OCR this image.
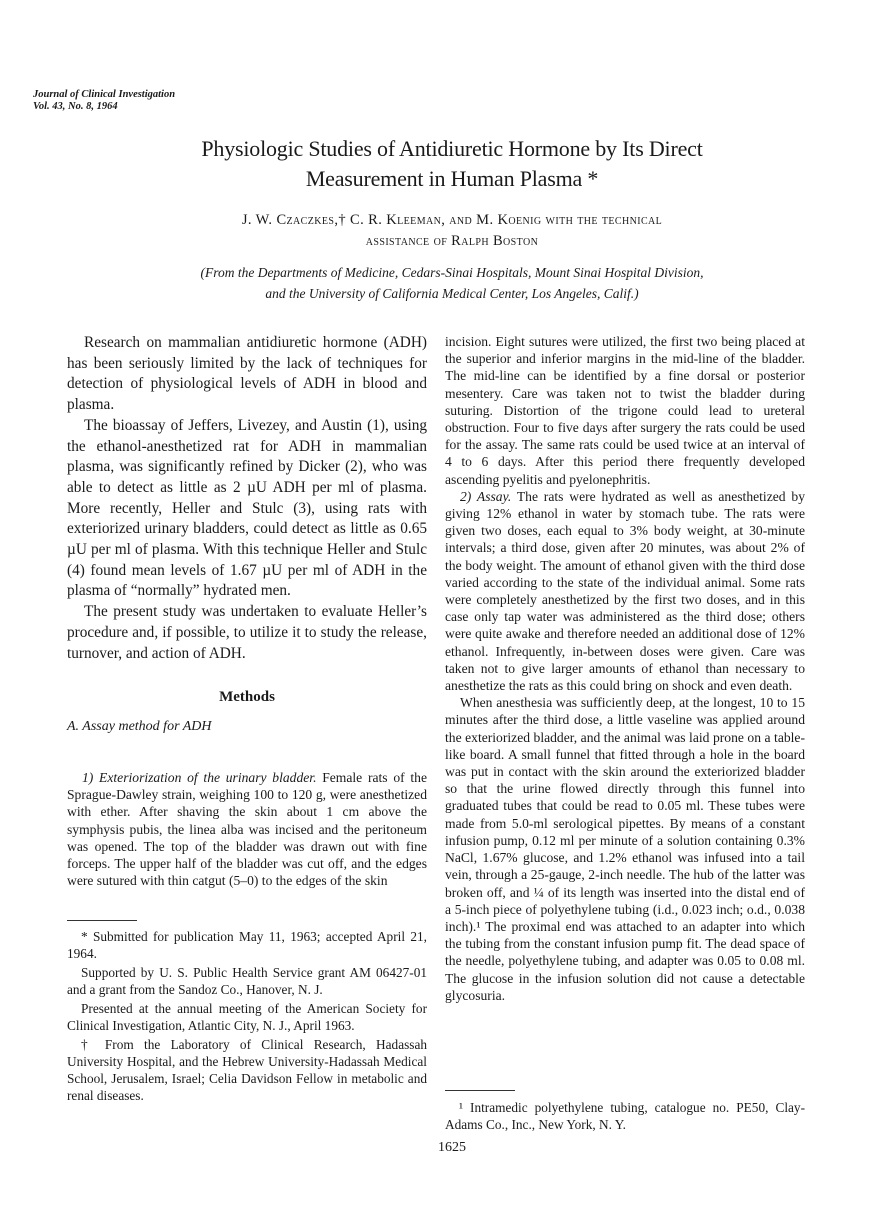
Journal of Clinical Investigation
Vol. 43, No. 8, 1964
Physiologic Studies of Antidiuretic Hormone by Its Direct
Measurement in Human Plasma *
J. W. Czaczkes,† C. R. Kleeman, and M. Koenig with the technical
assistance of Ralph Boston
(From the Departments of Medicine, Cedars-Sinai Hospitals, Mount Sinai Hospital Division,
and the University of California Medical Center, Los Angeles, Calif.)

Research on mammalian antidiuretic hormone (ADH) has been seriously limited by the lack of techniques for detection of physiological levels of ADH in blood and plasma.

The bioassay of Jeffers, Livezey, and Austin (1), using the ethanol-anesthetized rat for ADH in mammalian plasma, was significantly refined by Dicker (2), who was able to detect as little as 2 µU ADH per ml of plasma. More recently, Heller and Stulc (3), using rats with exteriorized urinary bladders, could detect as little as 0.65 µU per ml of plasma. With this technique Heller and Stulc (4) found mean levels of 1.67 µU per ml of ADH in the plasma of “normally” hydrated men.

The present study was undertaken to evaluate Heller’s procedure and, if possible, to utilize it to study the release, turnover, and action of ADH.

Methods
A. Assay method for ADH

1) Exteriorization of the urinary bladder. Female rats of the Sprague-Dawley strain, weighing 100 to 120 g, were anesthetized with ether. After shaving the skin about 1 cm above the symphysis pubis, the linea alba was incised and the peritoneum was opened. The top of the bladder was drawn out with fine forceps. The upper half of the bladder was cut off, and the edges were sutured with thin catgut (5–0) to the edges of the skin

* Submitted for publication May 11, 1963; accepted April 21, 1964.

Supported by U. S. Public Health Service grant AM 06427-01 and a grant from the Sandoz Co., Hanover, N. J.

Presented at the annual meeting of the American Society for Clinical Investigation, Atlantic City, N. J., April 1963.

† From the Laboratory of Clinical Research, Hadassah University Hospital, and the Hebrew University-Hadassah Medical School, Jerusalem, Israel; Celia Davidson Fellow in metabolic and renal diseases.

incision. Eight sutures were utilized, the first two being placed at the superior and inferior margins in the mid-line of the bladder. The mid-line can be identified by a fine dorsal or posterior mesentery. Care was taken not to twist the bladder during suturing. Distortion of the trigone could lead to ureteral obstruction. Four to five days after surgery the rats could be used for the assay. The same rats could be used twice at an interval of 4 to 6 days. After this period there frequently developed ascending pyelitis and pyelonephritis.

2) Assay. The rats were hydrated as well as anesthetized by giving 12% ethanol in water by stomach tube. The rats were given two doses, each equal to 3% body weight, at 30-minute intervals; a third dose, given after 20 minutes, was about 2% of the body weight. The amount of ethanol given with the third dose varied according to the state of the individual animal. Some rats were completely anesthetized by the first two doses, and in this case only tap water was administered as the third dose; others were quite awake and therefore needed an additional dose of 12% ethanol. Infrequently, in-between doses were given. Care was taken not to give larger amounts of ethanol than necessary to anesthetize the rats as this could bring on shock and even death.

When anesthesia was sufficiently deep, at the longest, 10 to 15 minutes after the third dose, a little vaseline was applied around the exteriorized bladder, and the animal was laid prone on a table-like board. A small funnel that fitted through a hole in the board was put in contact with the skin around the exteriorized bladder so that the urine flowed directly through this funnel into graduated tubes that could be read to 0.05 ml. These tubes were made from 5.0-ml serological pipettes. By means of a constant infusion pump, 0.12 ml per minute of a solution containing 0.3% NaCl, 1.67% glucose, and 1.2% ethanol was infused into a tail vein, through a 25-gauge, 2-inch needle. The hub of the latter was broken off, and ¼ of its length was inserted into the distal end of a 5-inch piece of polyethylene tubing (i.d., 0.023 inch; o.d., 0.038 inch).¹ The proximal end was attached to an adapter into which the tubing from the constant infusion pump fit. The dead space of the needle, polyethylene tubing, and adapter was 0.05 to 0.08 ml. The glucose in the infusion solution did not cause a detectable glycosuria.

¹ Intramedic polyethylene tubing, catalogue no. PE50, Clay-Adams Co., Inc., New York, N. Y.

1625
